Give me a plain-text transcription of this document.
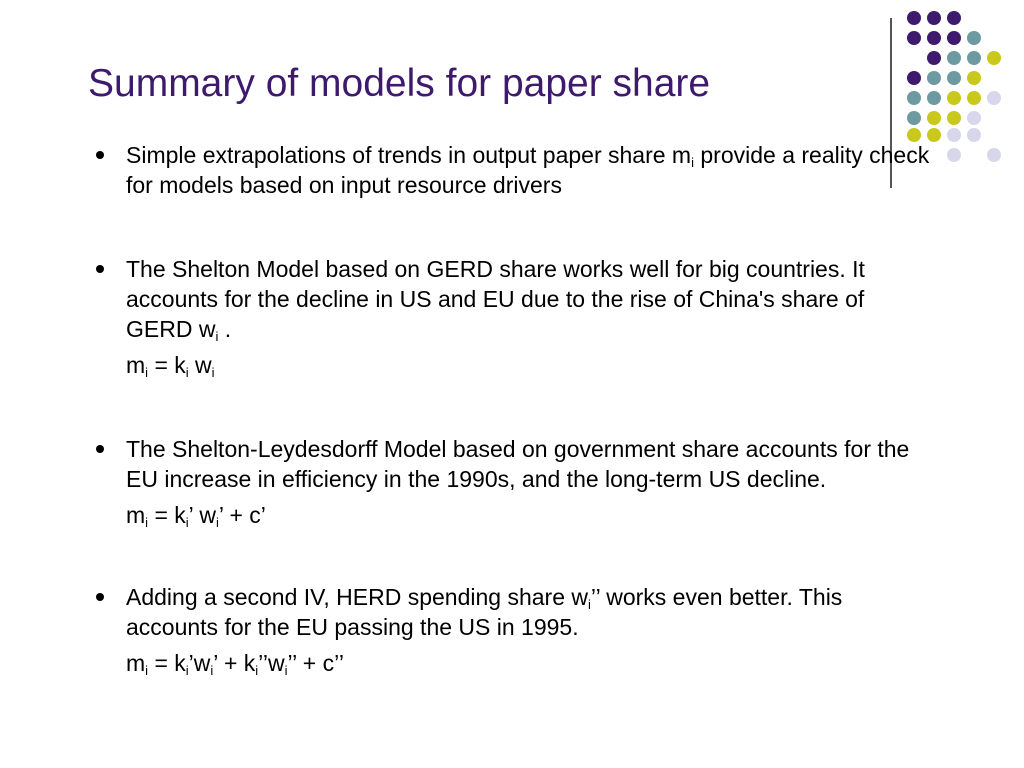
Summary of models for paper share
Simple extrapolations of trends in output paper share $m_i$ provide a reality check for models based on input resource drivers
The Shelton Model based on GERD share works well for big countries. It accounts for the decline in US and EU due to the rise of China's share of GERD $w_i$ .
$m_i = k_i$ $w_i$
The Shelton-Leydesdorff Model based on government share accounts for the EU increase in efficiency in the 1990s, and the long-term US decline.
$m_i = k_i$’ $w_i$’ + c’
Adding a second IV, HERD spending share $w_i$’’ works even better. This accounts for the EU passing the US in 1995.
$m_i$ = $k_i’w_i$’ + $k_i’’w_i$’’ + c’’
